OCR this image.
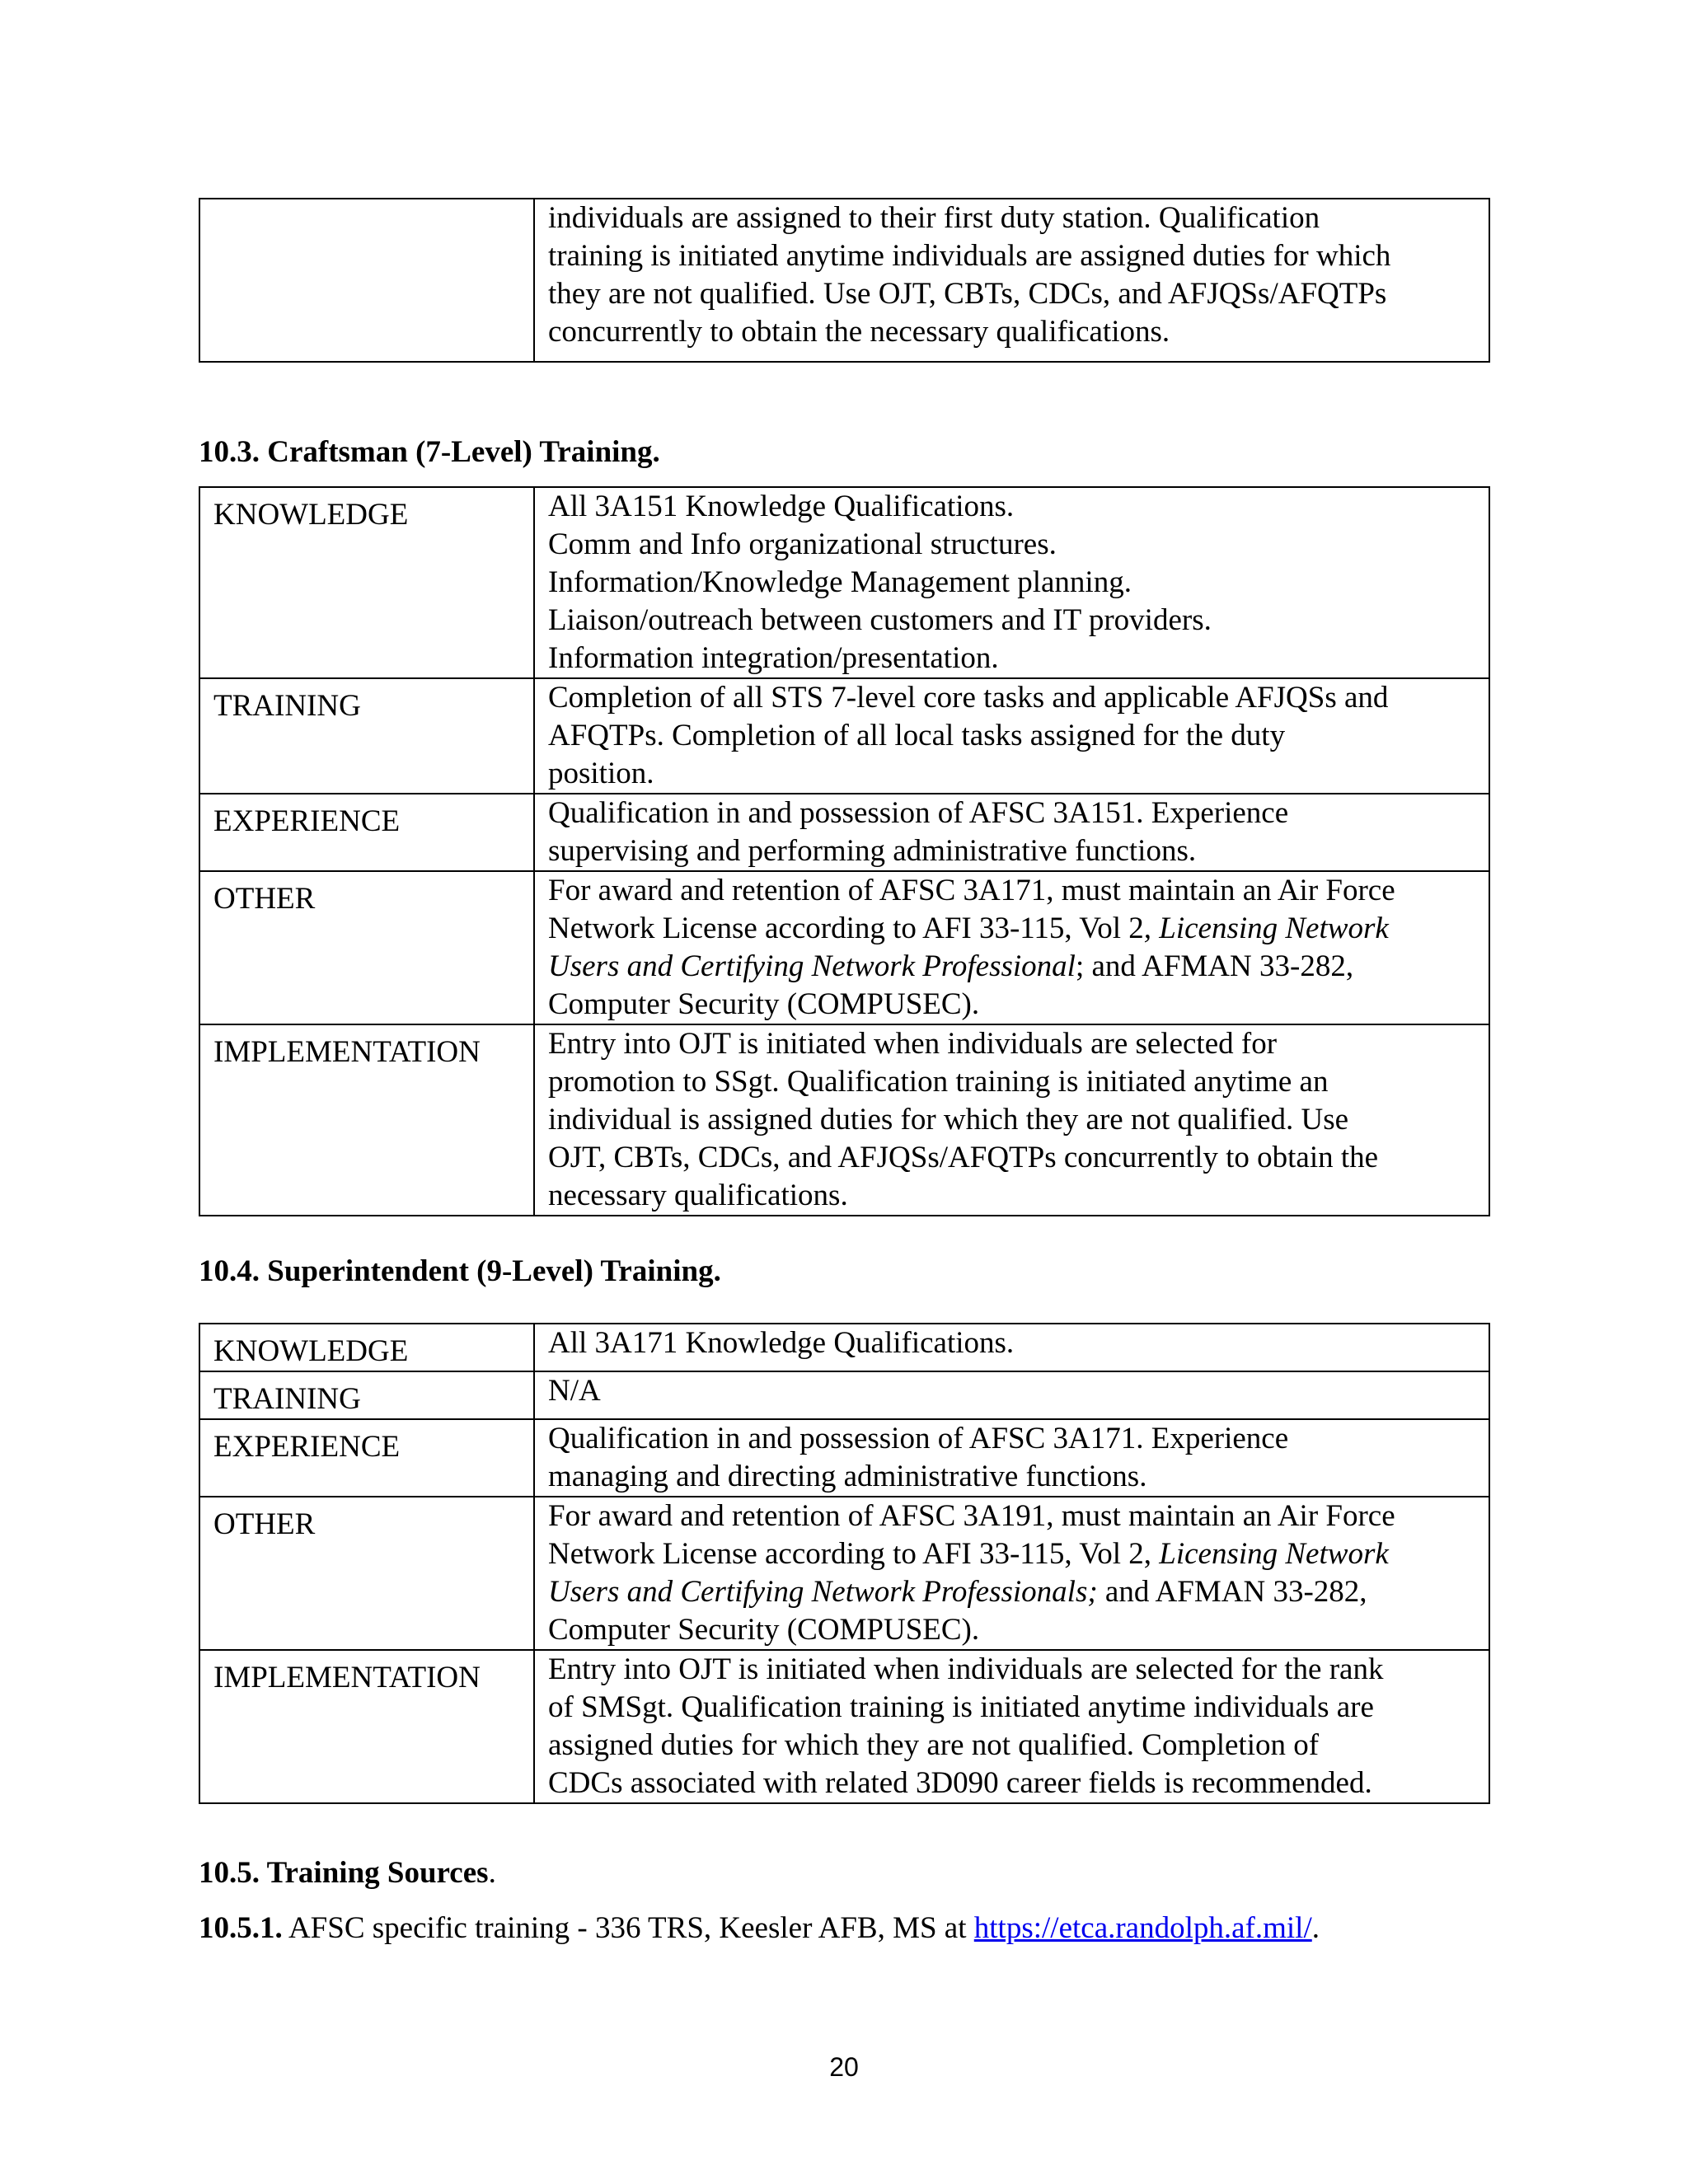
individuals are assigned to their first duty station. Qualification
training is initiated anytime individuals are assigned duties for which
they are not qualified. Use OJT, CBTs, CDCs, and AFJQSs/AFQTPs
concurrently to obtain the necessary qualifications.
10.3. Craftsman (7-Level) Training.
KNOWLEDGE	All 3A151 Knowledge Qualifications.
Comm and Info organizational structures.
Information/Knowledge Management planning.
Liaison/outreach between customers and IT providers.
Information integration/presentation.

TRAINING	Completion of all STS 7-level core tasks and applicable AFJQSs and
AFQTPs. Completion of all local tasks assigned for the duty
position.

EXPERIENCE	Qualification in and possession of AFSC 3A151. Experience
supervising and performing administrative functions.

OTHER	For award and retention of AFSC 3A171, must maintain an Air Force
Network License according to AFI 33-115, Vol 2, Licensing Network
Users and Certifying Network Professional; and AFMAN 33-282,
Computer Security (COMPUSEC).

IMPLEMENTATION	Entry into OJT is initiated when individuals are selected for
promotion to SSgt. Qualification training is initiated anytime an
individual is assigned duties for which they are not qualified. Use
OJT, CBTs, CDCs, and AFJQSs/AFQTPs concurrently to obtain the
necessary qualifications.
10.4. Superintendent (9-Level) Training.
KNOWLEDGE	All 3A171 Knowledge Qualifications.

TRAINING	N/A

EXPERIENCE	Qualification in and possession of AFSC 3A171. Experience
managing and directing administrative functions.

OTHER	For award and retention of AFSC 3A191, must maintain an Air Force
Network License according to AFI 33-115, Vol 2, Licensing Network
Users and Certifying Network Professionals; and AFMAN 33-282,
Computer Security (COMPUSEC).

IMPLEMENTATION	Entry into OJT is initiated when individuals are selected for the rank
of SMSgt. Qualification training is initiated anytime individuals are
assigned duties for which they are not qualified. Completion of
CDCs associated with related 3D090 career fields is recommended.
10.5. Training Sources.

10.5.1. AFSC specific training - 336 TRS, Keesler AFB, MS at https://etca.randolph.af.mil/.

20
